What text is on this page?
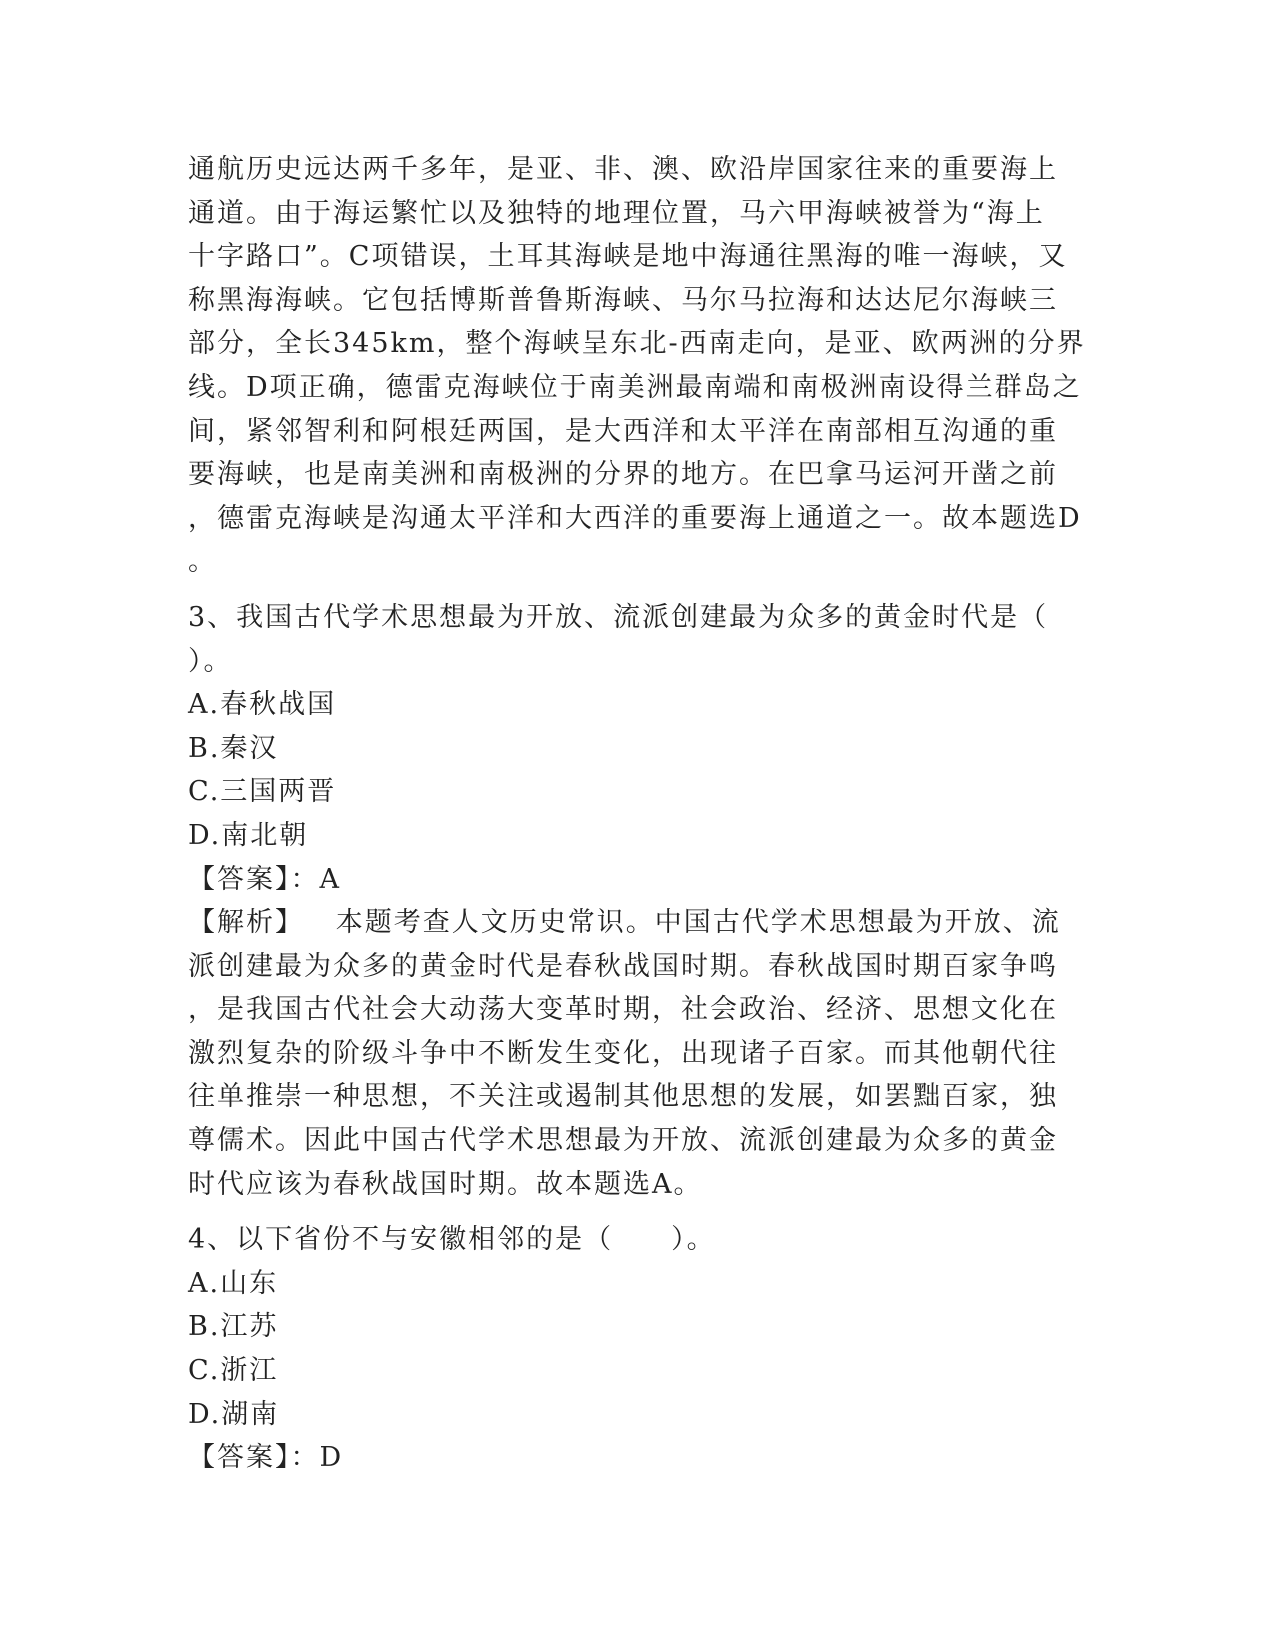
通航历史远达两千多年，是亚、非、澳、欧沿岸国家往来的重要海上
通道。由于海运繁忙以及独特的地理位置，马六甲海峡被誉为“海上
十字路口”。C项错误，土耳其海峡是地中海通往黑海的唯一海峡，又
称黑海海峡。它包括博斯普鲁斯海峡、马尔马拉海和达达尼尔海峡三
部分，全长345km，整个海峡呈东北-西南走向，是亚、欧两洲的分界
线。D项正确，德雷克海峡位于南美洲最南端和南极洲南设得兰群岛之
间，紧邻智利和阿根廷两国，是大西洋和太平洋在南部相互沟通的重
要海峡，也是南美洲和南极洲的分界的地方。在巴拿马运河开凿之前
，德雷克海峡是沟通太平洋和大西洋的重要海上通道之一。故本题选D
。
3、我国古代学术思想最为开放、流派创建最为众多的黄金时代是（
）。
A.春秋战国
B.秦汉
C.三国两晋
D.南北朝
【答案】：A
【解析】   本题考查人文历史常识。中国古代学术思想最为开放、流
派创建最为众多的黄金时代是春秋战国时期。春秋战国时期百家争鸣
，是我国古代社会大动荡大变革时期，社会政治、经济、思想文化在
激烈复杂的阶级斗争中不断发生变化，出现诸子百家。而其他朝代往
往单推崇一种思想，不关注或遏制其他思想的发展，如罢黜百家，独
尊儒术。因此中国古代学术思想最为开放、流派创建最为众多的黄金
时代应该为春秋战国时期。故本题选A。
4、以下省份不与安徽相邻的是（　　）。
A.山东
B.江苏
C.浙江
D.湖南
【答案】：D
